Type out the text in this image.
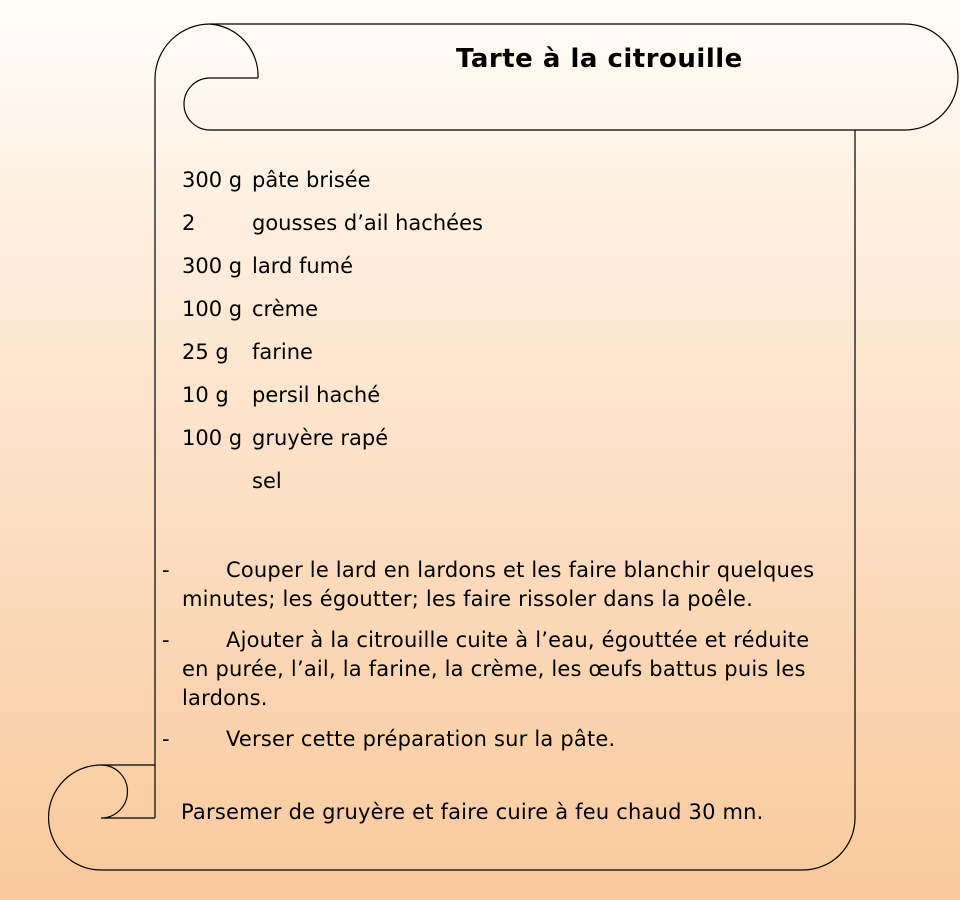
Tarte à la citrouille
300 g pâte brisée
2	gousses d’ail hachées
300 g lard fumé
100 g crème
25 g farine
10 g persil haché
100 g gruyère rapé
sel
-	Couper le lard en lardons et les faire blanchir quelques minutes; les égoutter; les faire rissoler dans la poêle.
-	Ajouter à la citrouille cuite à l’eau, égouttée et réduite en purée, l’ail, la farine, la crème, les œufs battus puis les lardons.
-	Verser cette préparation sur la pâte.
Parsemer de gruyère et faire cuire à feu chaud 30 mn.
